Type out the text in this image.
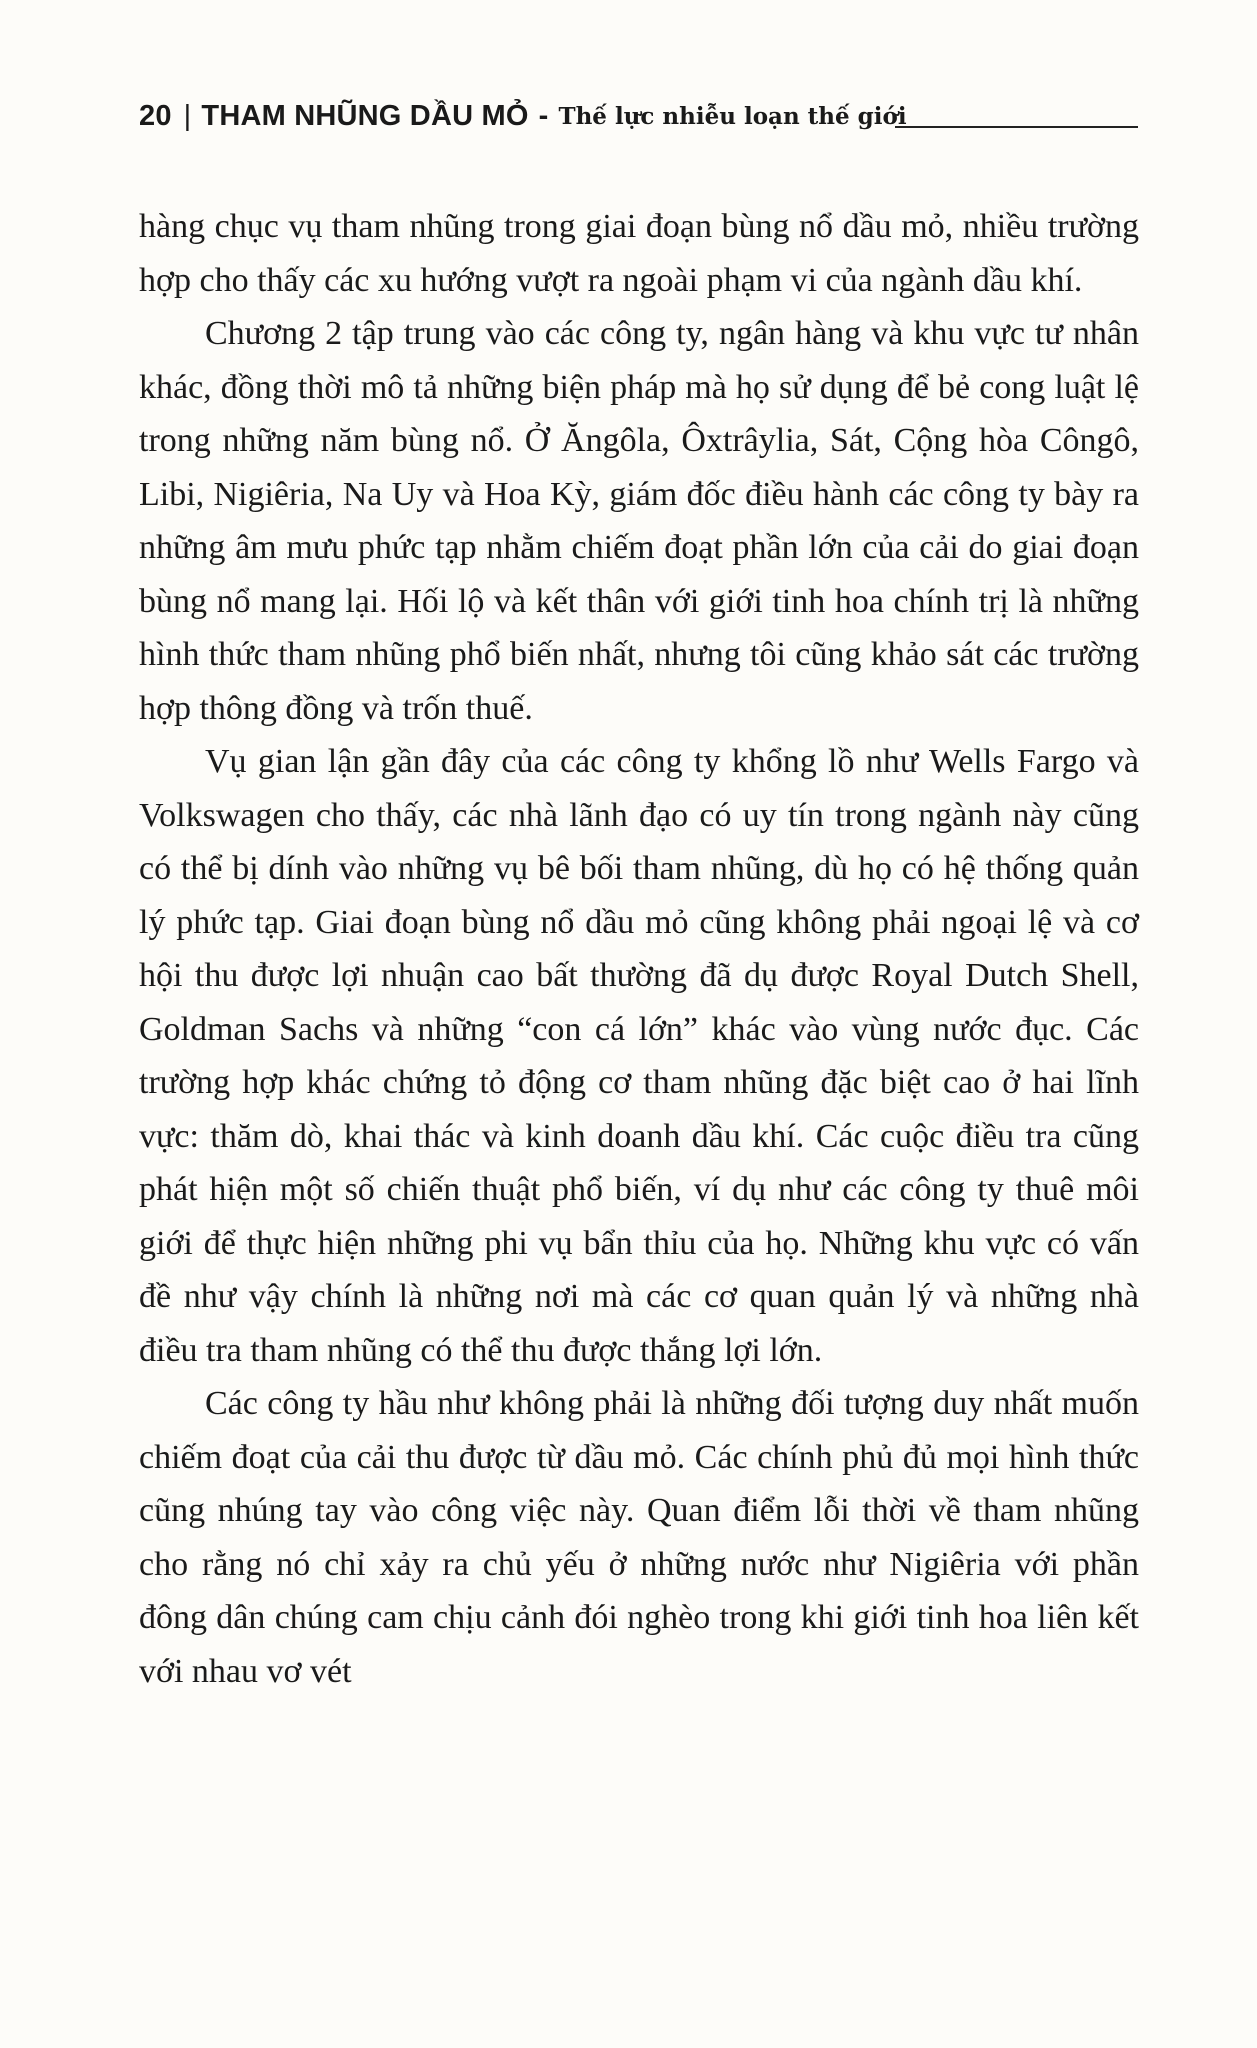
20 | THAM NHŨNG DẦU MỎ - Thế lực nhiễu loạn thế giới

hàng chục vụ tham nhũng trong giai đoạn bùng nổ dầu mỏ, nhiều trường hợp cho thấy các xu hướng vượt ra ngoài phạm vi của ngành dầu khí.

Chương 2 tập trung vào các công ty, ngân hàng và khu vực tư nhân khác, đồng thời mô tả những biện pháp mà họ sử dụng để bẻ cong luật lệ trong những năm bùng nổ. Ở Ăngôla, Ôxtrâylia, Sát, Cộng hòa Côngô, Libi, Nigiêria, Na Uy và Hoa Kỳ, giám đốc điều hành các công ty bày ra những âm mưu phức tạp nhằm chiếm đoạt phần lớn của cải do giai đoạn bùng nổ mang lại. Hối lộ và kết thân với giới tinh hoa chính trị là những hình thức tham nhũng phổ biến nhất, nhưng tôi cũng khảo sát các trường hợp thông đồng và trốn thuế.

Vụ gian lận gần đây của các công ty khổng lồ như Wells Fargo và Volkswagen cho thấy, các nhà lãnh đạo có uy tín trong ngành này cũng có thể bị dính vào những vụ bê bối tham nhũng, dù họ có hệ thống quản lý phức tạp. Giai đoạn bùng nổ dầu mỏ cũng không phải ngoại lệ và cơ hội thu được lợi nhuận cao bất thường đã dụ được Royal Dutch Shell, Goldman Sachs và những “con cá lớn” khác vào vùng nước đục. Các trường hợp khác chứng tỏ động cơ tham nhũng đặc biệt cao ở hai lĩnh vực: thăm dò, khai thác và kinh doanh dầu khí. Các cuộc điều tra cũng phát hiện một số chiến thuật phổ biến, ví dụ như các công ty thuê môi giới để thực hiện những phi vụ bẩn thỉu của họ. Những khu vực có vấn đề như vậy chính là những nơi mà các cơ quan quản lý và những nhà điều tra tham nhũng có thể thu được thắng lợi lớn.

Các công ty hầu như không phải là những đối tượng duy nhất muốn chiếm đoạt của cải thu được từ dầu mỏ. Các chính phủ đủ mọi hình thức cũng nhúng tay vào công việc này. Quan điểm lỗi thời về tham nhũng cho rằng nó chỉ xảy ra chủ yếu ở những nước như Nigiêria với phần đông dân chúng cam chịu cảnh đói nghèo trong khi giới tinh hoa liên kết với nhau vơ vét
